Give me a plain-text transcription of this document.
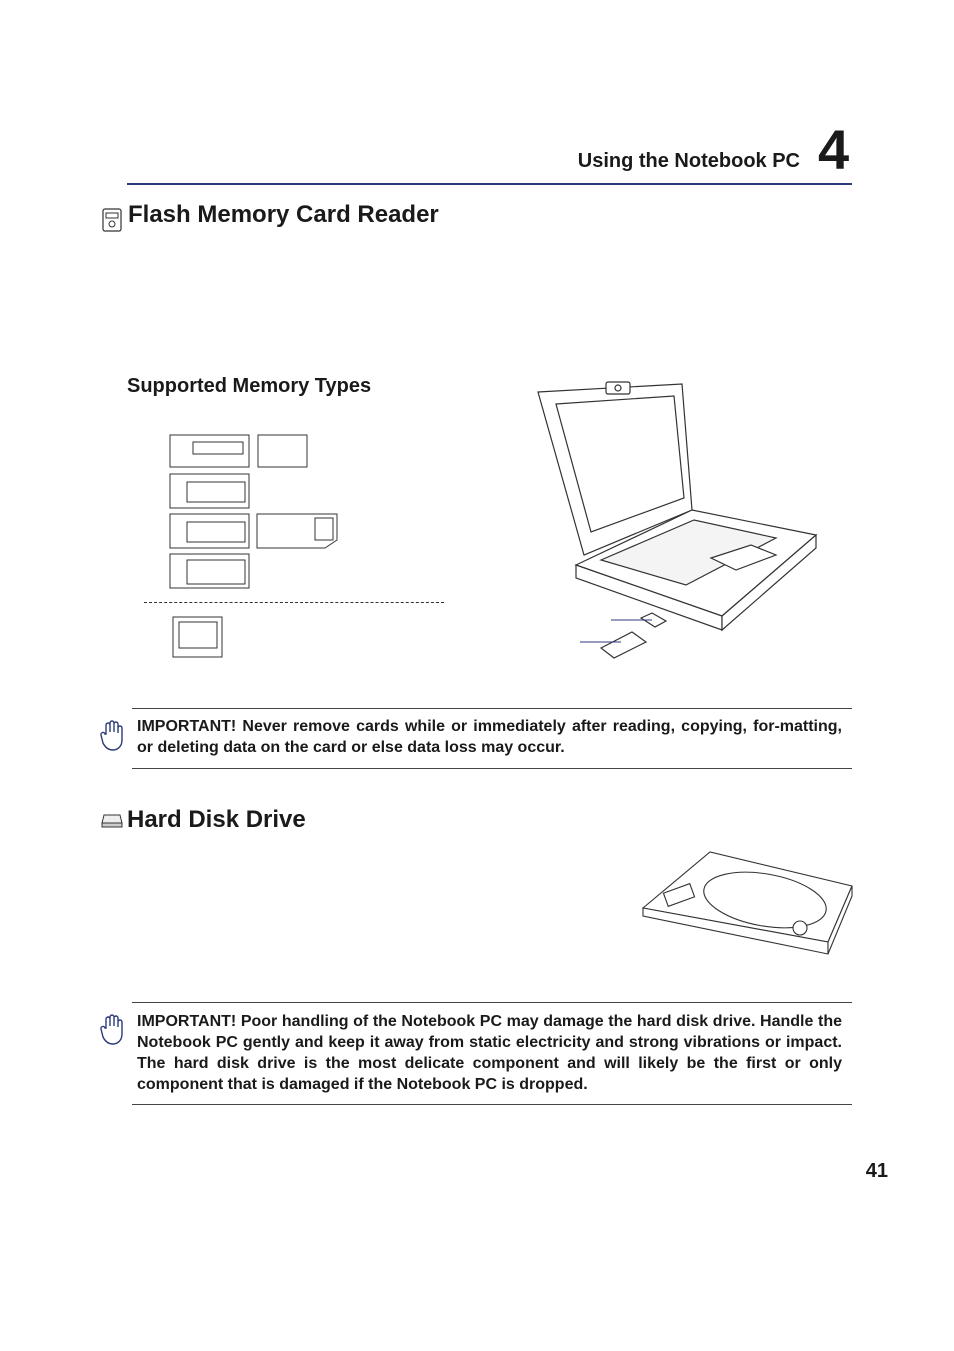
Using the Notebook PC 4
Flash Memory Card Reader
Supported Memory Types
IMPORTANT! Never remove cards while or immediately after reading, copying, for-matting, or deleting data on the card or else data loss may occur.
Hard Disk Drive
IMPORTANT! Poor handling of the Notebook PC may damage the hard disk drive. Handle the Notebook PC gently and keep it away from static electricity and strong vibrations or impact. The hard disk drive is the most delicate component and will likely be the first or only component that is damaged if the Notebook PC is dropped.
41
